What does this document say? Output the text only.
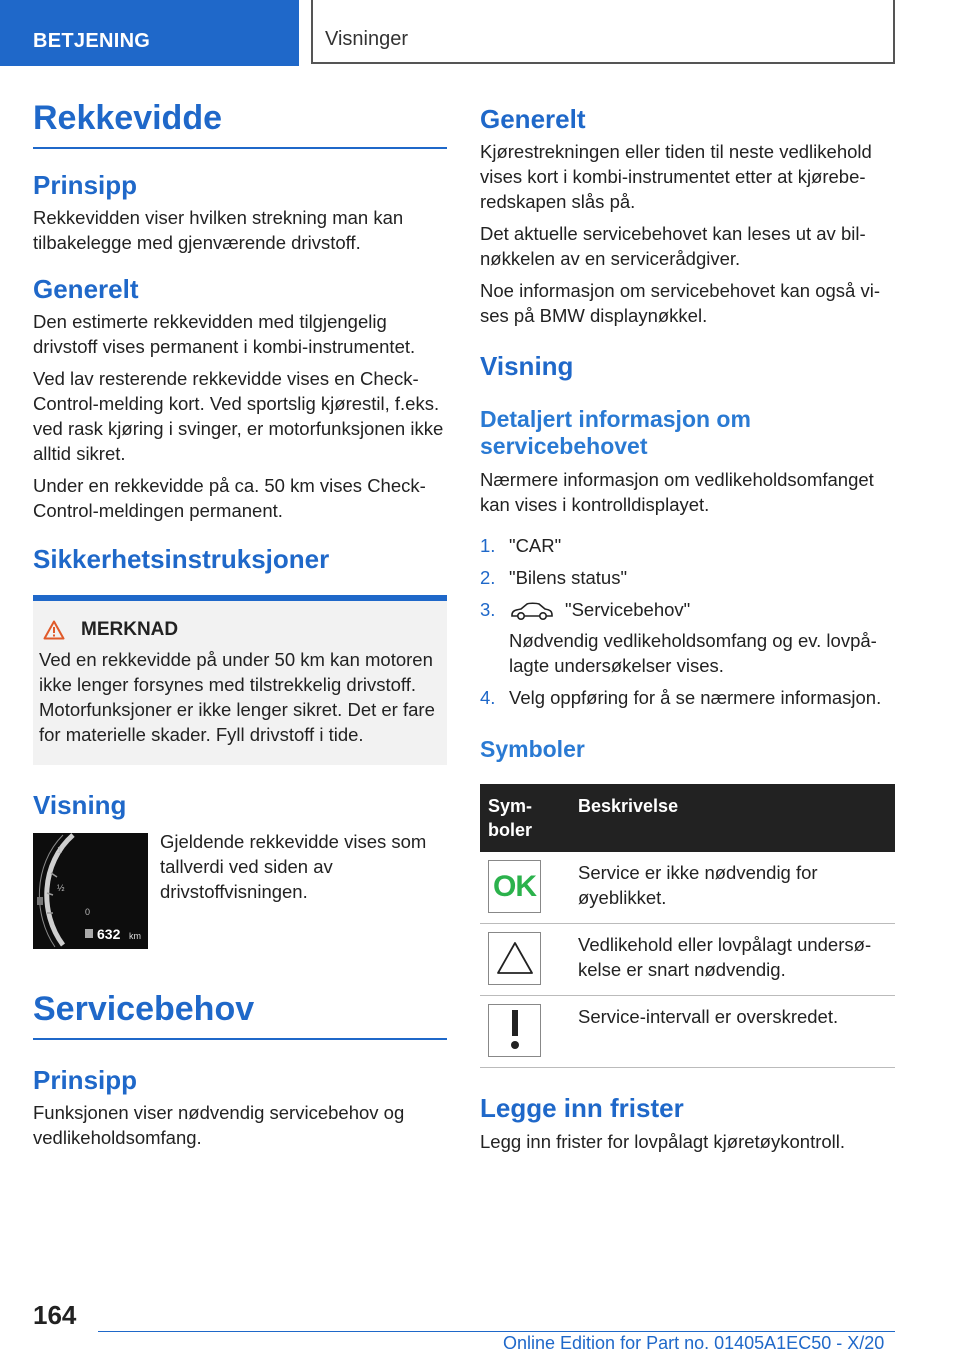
BETJENING	Visninger
Rekkevidde
Prinsipp

Rekkevidden viser hvilken strekning man kan tilbakelegge med gjenværende drivstoff.

Generelt

Den estimerte rekkevidden med tilgjengelig drivstoff vises permanent i kombi-instrumentet.

Ved lav resterende rekkevidde vises en Check-Control-melding kort. Ved sportslig kjørestil, f.eks. ved rask kjøring i svinger, er motorfunksjonen ikke alltid sikret.

Under en rekkevidde på ca. 50 km vises Check-Control-meldingen permanent.

Sikkerhetsinstruksjoner
MERKNAD

Ved en rekkevidde på under 50 km kan motoren ikke lenger forsynes med tilstrekkelig drivstoff. Motorfunksjoner er ikke lenger sikret. Det er fare for materielle skader. Fyll drivstoff i tide.

Visning
1
½
0
632 km

Gjeldende rekkevidde vises som tallverdi ved siden av drivstoffvisningen.

Servicebehov
Prinsipp

Funksjonen viser nødvendig servicebehov og vedlikeholdsomfang.

Generelt

Kjørestrekningen eller tiden til neste vedlikehold vises kort i kombi-instrumentet etter at kjøreberedskapen slås på.

Det aktuelle servicebehovet kan leses ut av bilnøkkelen av en servicerådgiver.

Noe informasjon om servicebehovet kan også vises på BMW displaynøkkel.

Visning
Detaljert informasjon om servicebehovet

Nærmere informasjon om vedlikeholdsomfanget kan vises i kontrolldisplayet.

1. "CAR"
2. "Bilens status"
3.	"Servicebehov"
Nødvendig vedlikeholdsomfang og ev. lovpålagte undersøkelser vises.
4. Velg oppføring for å se nærmere informasjon.
Symboler
Symboler	Beskrivelse

OK	Service er ikke nødvendig for øyeblikket.

	Vedlikehold eller lovpålagt undersøkelse er snart nødvendig.

	Service-intervall er overskredet.
Legge inn frister

Legg inn frister for lovpålagt kjøretøykontroll.

164
Online Edition for Part no. 01405A1EC50 - X/20
